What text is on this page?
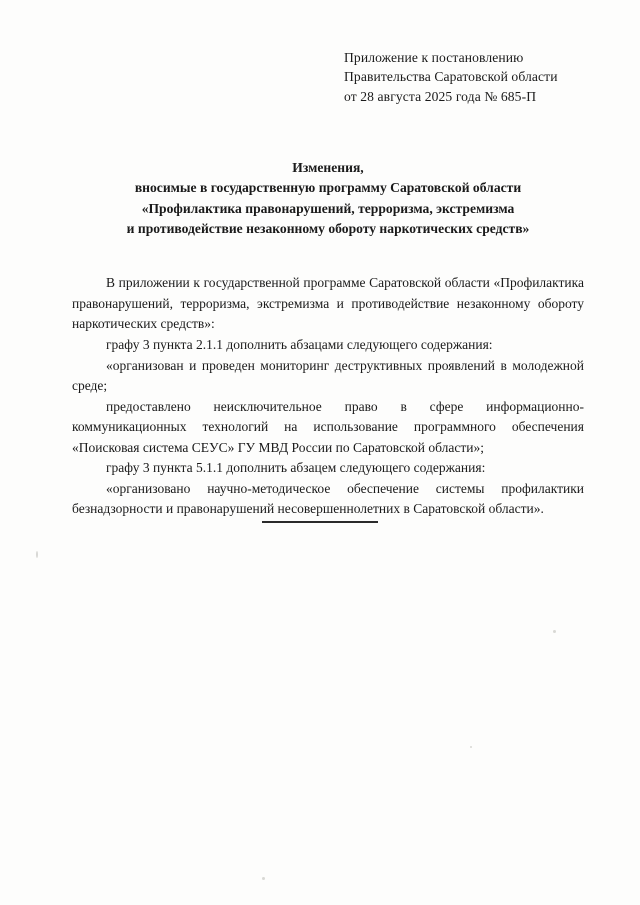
Приложение к постановлению
Правительства Саратовской области
от 28 августа 2025 года № 685-П
Изменения,
вносимые в государственную программу Саратовской области
«Профилактика правонарушений, терроризма, экстремизма
и противодействие незаконному обороту наркотических средств»

В приложении к государственной программе Саратовской области «Профилактика правонарушений, терроризма, экстремизма и противодействие незаконному обороту наркотических средств»:

графу 3 пункта 2.1.1 дополнить абзацами следующего содержания:

«организован и проведен мониторинг деструктивных проявлений в молодежной среде;

предоставлено неисключительное право в сфере информационно-коммуникационных технологий на использование программного обеспечения «Поисковая система СЕУС» ГУ МВД России по Саратовской области»;

графу 3 пункта 5.1.1 дополнить абзацем следующего содержания:

«организовано научно-методическое обеспечение системы профилактики безнадзорности и правонарушений несовершеннолетних в Саратовской области».
